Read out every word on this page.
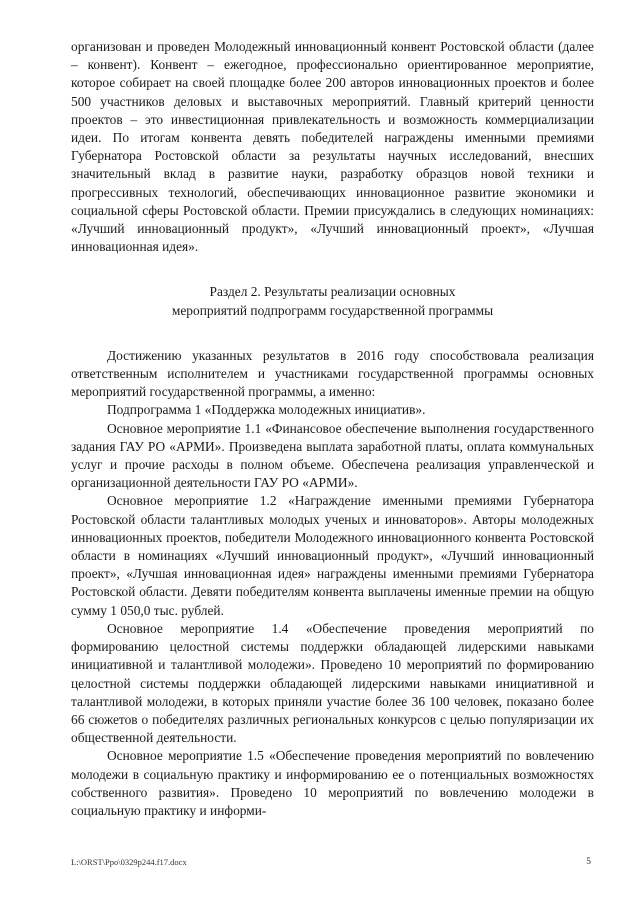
организован и проведен Молодежный инновационный конвент Ростовской области (далее – конвент). Конвент – ежегодное, профессионально ориентированное мероприятие, которое собирает на своей площадке более 200 авторов инновационных проектов и более 500 участников деловых и выставочных мероприятий. Главный критерий ценности проектов – это инвестиционная привлекательность и возможность коммерциализации идеи. По итогам конвента девять победителей награждены именными премиями Губернатора Ростовской области за результаты научных исследований, внесших значительный вклад в развитие науки, разработку образцов новой техники и прогрессивных технологий, обеспечивающих инновационное развитие экономики и социальной сферы Ростовской области. Премии присуждались в следующих номинациях: «Лучший инновационный продукт», «Лучший инновационный проект», «Лучшая инновационная идея».

Раздел 2. Результаты реализации основных
мероприятий подпрограмм государственной программы

Достижению указанных результатов в 2016 году способствовала реализация ответственным исполнителем и участниками государственной программы основных мероприятий государственной программы, а именно:

Подпрограмма 1 «Поддержка молодежных инициатив».

Основное мероприятие 1.1 «Финансовое обеспечение выполнения государственного задания ГАУ РО «АРМИ». Произведена выплата заработной платы, оплата коммунальных услуг и прочие расходы в полном объеме. Обеспечена реализация управленческой и организационной деятельности ГАУ РО «АРМИ».

Основное мероприятие 1.2 «Награждение именными премиями Губернатора Ростовской области талантливых молодых ученых и инноваторов». Авторы молодежных инновационных проектов, победители Молодежного инновационного конвента Ростовской области в номинациях «Лучший инновационный продукт», «Лучший инновационный проект», «Лучшая инновационная идея» награждены именными премиями Губернатора Ростовской области. Девяти победителям конвента выплачены именные премии на общую сумму 1 050,0 тыс. рублей.

Основное мероприятие 1.4 «Обеспечение проведения мероприятий по формированию целостной системы поддержки обладающей лидерскими навыками инициативной и талантливой молодежи». Проведено 10 мероприятий по формированию целостной системы поддержки обладающей лидерскими навыками инициативной и талантливой молодежи, в которых приняли участие более 36 100 человек, показано более 66 сюжетов о победителях различных региональных конкурсов с целью популяризации их общественной деятельности.

Основное мероприятие 1.5 «Обеспечение проведения мероприятий по вовлечению молодежи в социальную практику и информированию ее о потенциальных возможностях собственного развития». Проведено 10 мероприятий по вовлечению молодежи в социальную практику и информи-

L:\ORST\Ppo\0329p244.f17.docx	5
